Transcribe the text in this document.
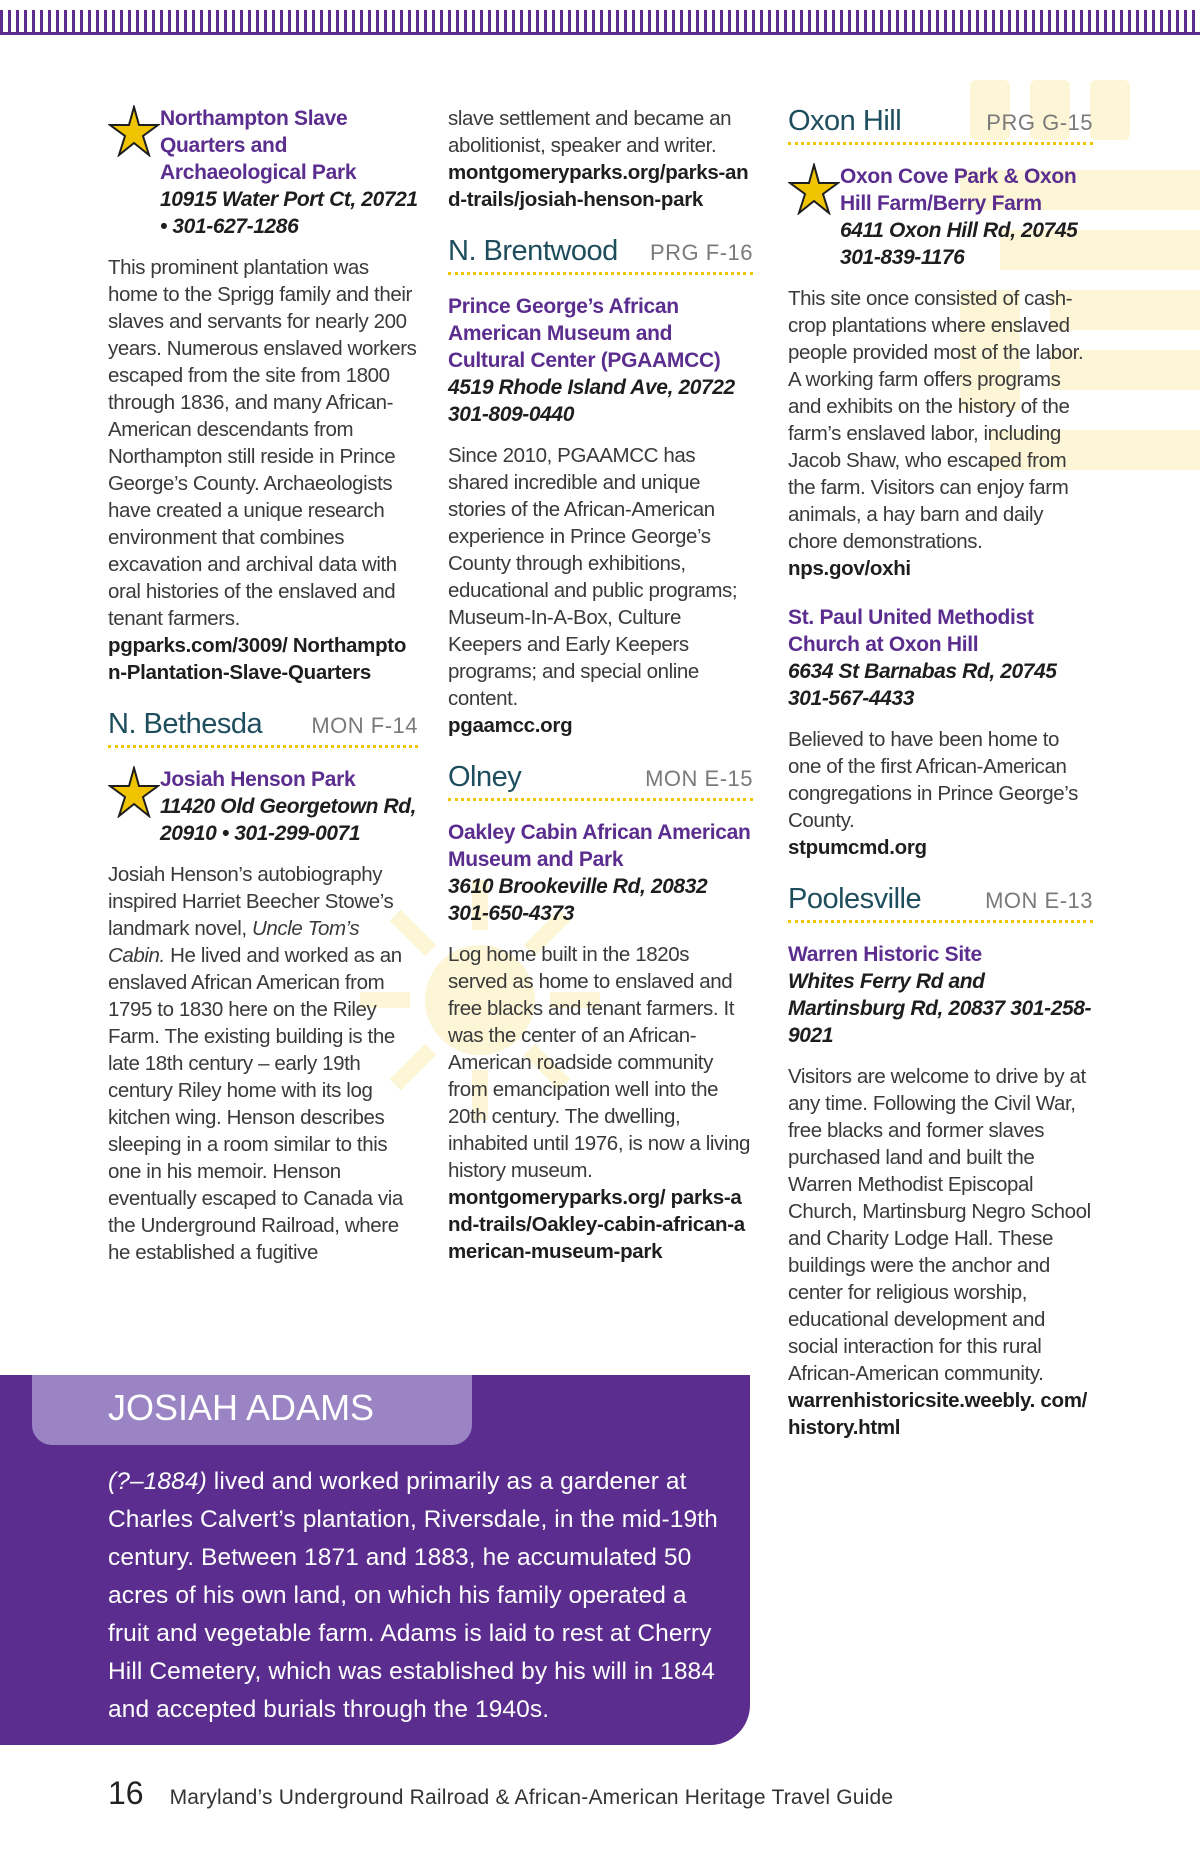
Northampton Slave Quarters and Archaeological Park
10915 Water Port Ct, 20721 • 301-627-1286
This prominent plantation was home to the Sprigg family and their slaves and servants for nearly 200 years. Numerous enslaved workers escaped from the site from 1800 through 1836, and many African-American descendants from Northampton still reside in Prince George’s County. Archaeologists have created a unique research environment that combines excavation and archival data with oral histories of the enslaved and tenant farmers.
pgparks.com/3009/ Northampton-Plantation-Slave-Quarters
N. Bethesda MON F-14
Josiah Henson Park
11420 Old Georgetown Rd, 20910 • 301-299-0071
Josiah Henson’s autobiography inspired Harriet Beecher Stowe’s landmark novel, Uncle Tom’s Cabin. He lived and worked as an enslaved African American from 1795 to 1830 here on the Riley Farm. The existing building is the late 18th century – early 19th century Riley home with its log kitchen wing. Henson describes sleeping in a room similar to this one in his memoir. Henson eventually escaped to Canada via the Underground Railroad, where he established a fugitive
slave settlement and became an abolitionist, speaker and writer.
montgomeryparks.org/parks-and-trails/josiah-henson-park
N. Brentwood PRG F-16
Prince George’s African American Museum and Cultural Center (PGAAMCC)
4519 Rhode Island Ave, 20722 301-809-0440
Since 2010, PGAAMCC has shared incredible and unique stories of the African-American experience in Prince George’s County through exhibitions, educational and public programs; Museum-In-A-Box, Culture Keepers and Early Keepers programs; and special online content.
pgaamcc.org
Olney	MON E-15
Oakley Cabin African American Museum and Park
3610 Brookeville Rd, 20832 301-650-4373
Log home built in the 1820s served as home to enslaved and free blacks and tenant farmers. It was the center of an African-American roadside community from emancipation well into the 20th century. The dwelling, inhabited until 1976, is now a living history museum.
montgomeryparks.org/ parks-and-trails/Oakley-cabin-african-american-museum-park
Oxon Hill	PRG G-15
Oxon Cove Park & Oxon Hill Farm/Berry Farm
6411 Oxon Hill Rd, 20745 301-839-1176
This site once consisted of cash-crop plantations where enslaved people provided most of the labor. A working farm offers programs and exhibits on the history of the farm’s enslaved labor, including Jacob Shaw, who escaped from the farm. Visitors can enjoy farm animals, a hay barn and daily chore demonstrations.
nps.gov/oxhi
St. Paul United Methodist Church at Oxon Hill
6634 St Barnabas Rd, 20745 301-567-4433
Believed to have been home to one of the first African-American congregations in Prince George’s County.
stpumcmd.org
Poolesville	MON E-13
Warren Historic Site
Whites Ferry Rd and Martinsburg Rd, 20837 301-258-9021
Visitors are welcome to drive by at any time. Following the Civil War, free blacks and former slaves purchased land and built the Warren Methodist Episcopal Church, Martinsburg Negro School and Charity Lodge Hall. These buildings were the anchor and center for religious worship, educational development and social interaction for this rural African-American community.
warrenhistoricsite.weebly. com/history.html
JOSIAH ADAMS
(?–1884) lived and worked primarily as a gardener at Charles Calvert’s plantation, Riversdale, in the mid-19th century. Between 1871 and 1883, he accumulated 50 acres of his own land, on which his family operated a fruit and vegetable farm. Adams is laid to rest at Cherry Hill Cemetery, which was established by his will in 1884 and accepted burials through the 1940s.
16 Maryland’s Underground Railroad & African-American Heritage Travel Guide
